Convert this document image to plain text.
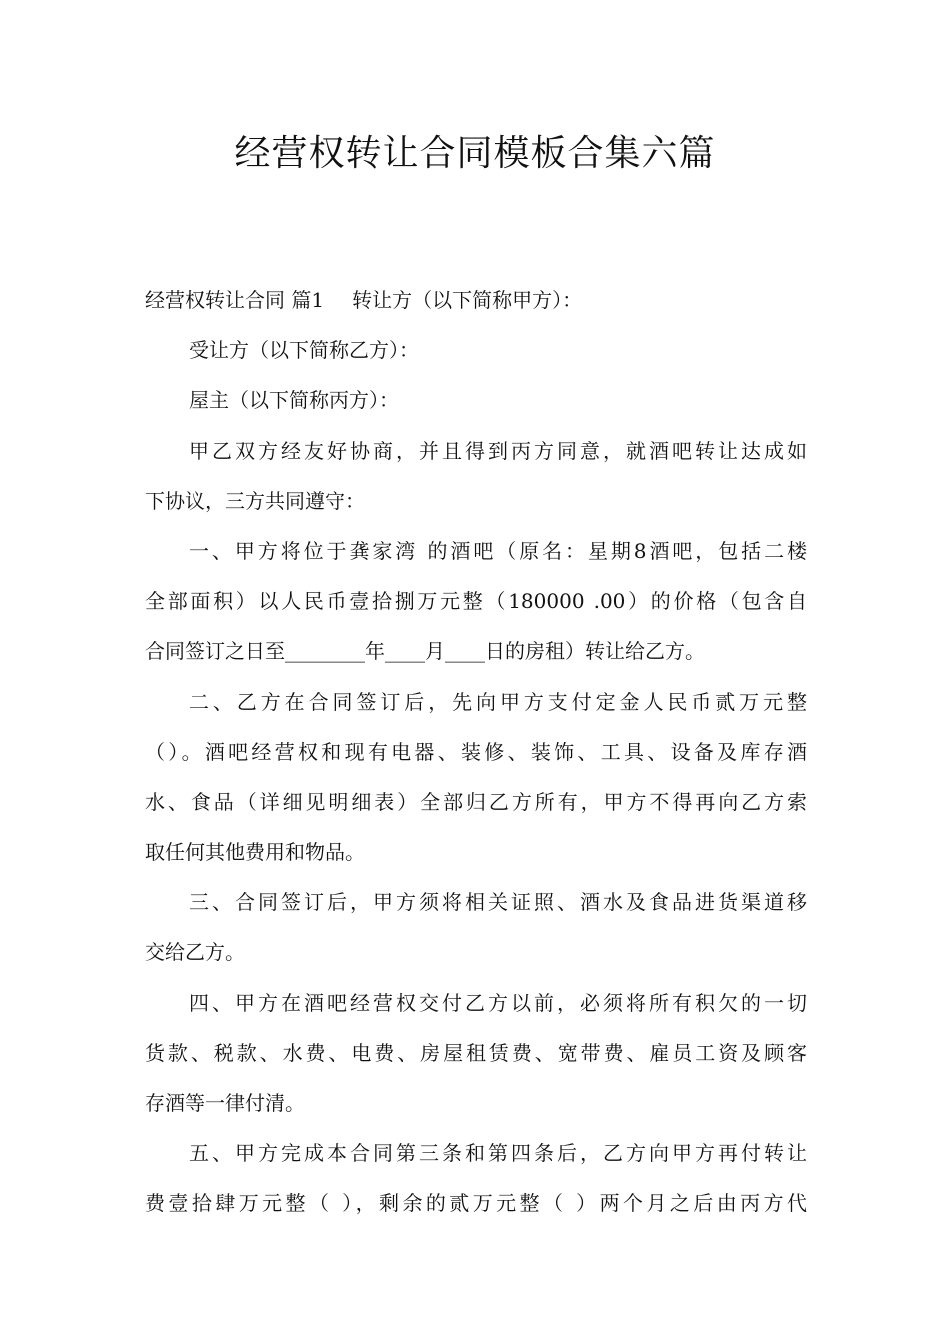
经营权转让合同模板合集六篇
经营权转让合同 篇1 转让方（以下简称甲方）：
受让方（以下简称乙方）：
屋主（以下简称丙方）：
甲乙双方经友好协商，并且得到丙方同意，就酒吧转让达成如
下协议，三方共同遵守：
一、甲方将位于龚家湾 的酒吧（原名：星期8酒吧，包括二楼
全部面积）以人民币壹拾捌万元整（180000 .00）的价格（包含自
合同签订之日至________年____月____日的房租）转让给乙方。
二、乙方在合同签订后，先向甲方支付定金人民币贰万元整
（）。酒吧经营权和现有电器、装修、装饰、工具、设备及库存酒
水、食品（详细见明细表）全部归乙方所有，甲方不得再向乙方索
取任何其他费用和物品。
三、合同签订后，甲方须将相关证照、酒水及食品进货渠道移
交给乙方。
四、甲方在酒吧经营权交付乙方以前，必须将所有积欠的一切
货款、税款、水费、电费、房屋租赁费、宽带费、雇员工资及顾客
存酒等一律付清。
五、甲方完成本合同第三条和第四条后，乙方向甲方再付转让
费壹拾肆万元整（ ），剩余的贰万元整（ ）两个月之后由丙方代
